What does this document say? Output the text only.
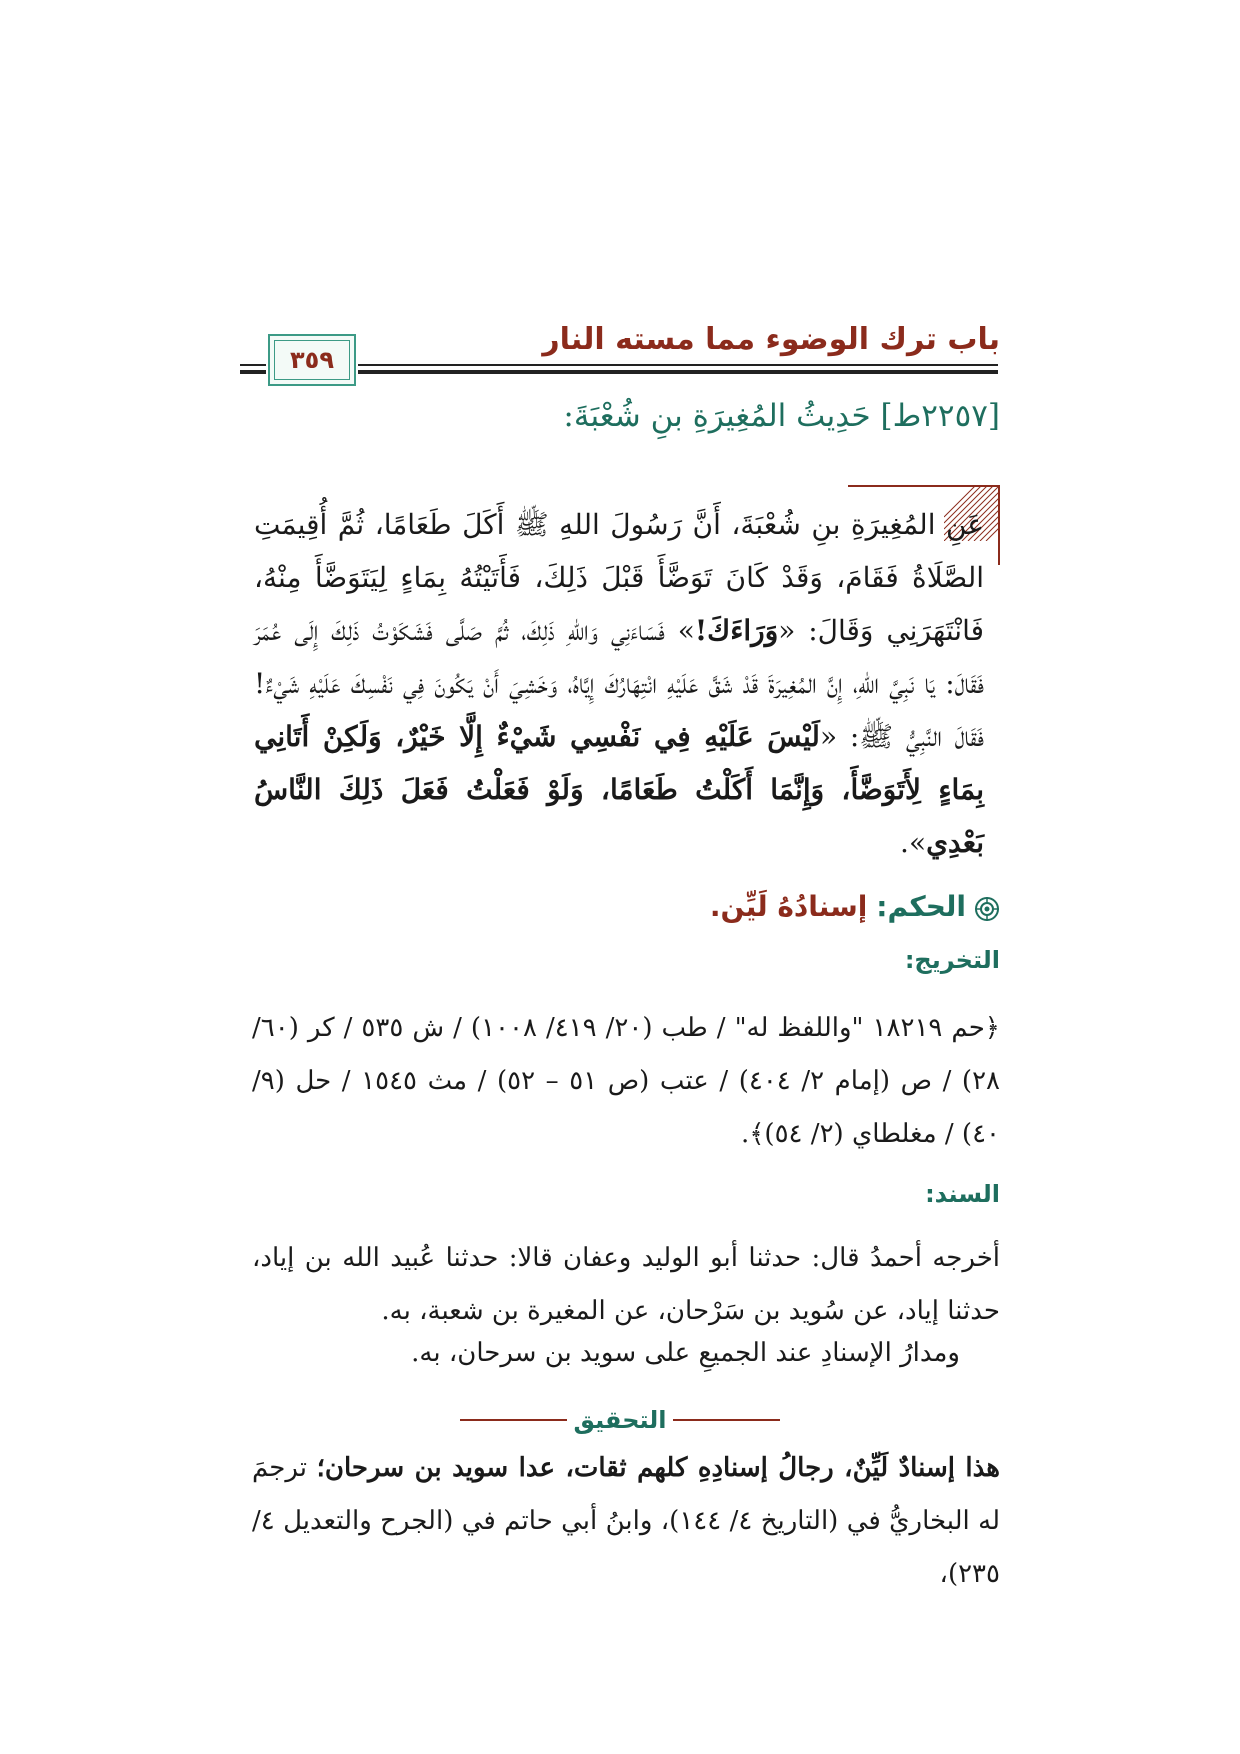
باب ترك الوضوء مما مسته النار
٣٥٩
[٢٢٥٧ط] حَدِيثُ المُغِيرَةِ بنِ شُعْبَةَ:
عَنِ المُغِيرَةِ بنِ شُعْبَةَ، أَنَّ رَسُولَ اللهِ ﷺ أَكَلَ طَعَامًا، ثُمَّ أُقِيمَتِ الصَّلَاةُ فَقَامَ، وَقَدْ كَانَ تَوَضَّأَ قَبْلَ ذَلِكَ، فَأَتَيْتُهُ بِمَاءٍ لِيَتَوَضَّأَ مِنْهُ، فَانْتَهَرَنِي وَقَالَ: «وَرَاءَكَ!» فَسَاءَنِي وَاللهِ ذَلِكَ، ثُمَّ صَلَّى فَشَكَوْتُ ذَلِكَ إِلَى عُمَرَ فَقَالَ: يَا نَبِيَّ اللهِ، إِنَّ المُغِيرَةَ قَدْ شَقَّ عَلَيْهِ انْتِهَارُكَ إِيَّاهُ، وَخَشِيَ أَنْ يَكُونَ فِي نَفْسِكَ عَلَيْهِ شَيْءٌ! فَقَالَ النَّبِيُّ ﷺ: «لَيْسَ عَلَيْهِ فِي نَفْسِي شَيْءٌ إِلَّا خَيْرٌ، وَلَكِنْ أَتَانِي بِمَاءٍ لِأَتَوَضَّأَ، وَإِنَّمَا أَكَلْتُ طَعَامًا، وَلَوْ فَعَلْتُ فَعَلَ ذَلِكَ النَّاسُ بَعْدِي».
الحكم: إسنادُهُ لَيِّن.
التخريج:
﴿حم ١٨٢١٩ "واللفظ له" / طب (٢٠/ ٤١٩/ ١٠٠٨) / ش ٥٣٥ / كر (٦٠/ ٢٨) / ص (إمام ٢/ ٤٠٤) / عتب (ص ٥١ – ٥٢) / مث ١٥٤٥ / حل (٩/ ٤٠) / مغلطاي (٢/ ٥٤)﴾.
السند:
أخرجه أحمدُ قال: حدثنا أبو الوليد وعفان قالا: حدثنا عُبيد الله بن إياد، حدثنا إياد، عن سُويد بن سَرْحان، عن المغيرة بن شعبة، به.
ومدارُ الإسنادِ عند الجميعِ على سويد بن سرحان، به.
التحقيق
هذا إسنادٌ لَيِّنٌ، رجالُ إسنادِهِ كلهم ثقات، عدا سويد بن سرحان؛ ترجمَ له البخاريُّ في (التاريخ ٤/ ١٤٤)، وابنُ أبي حاتم في (الجرح والتعديل ٤/ ٢٣٥)،
